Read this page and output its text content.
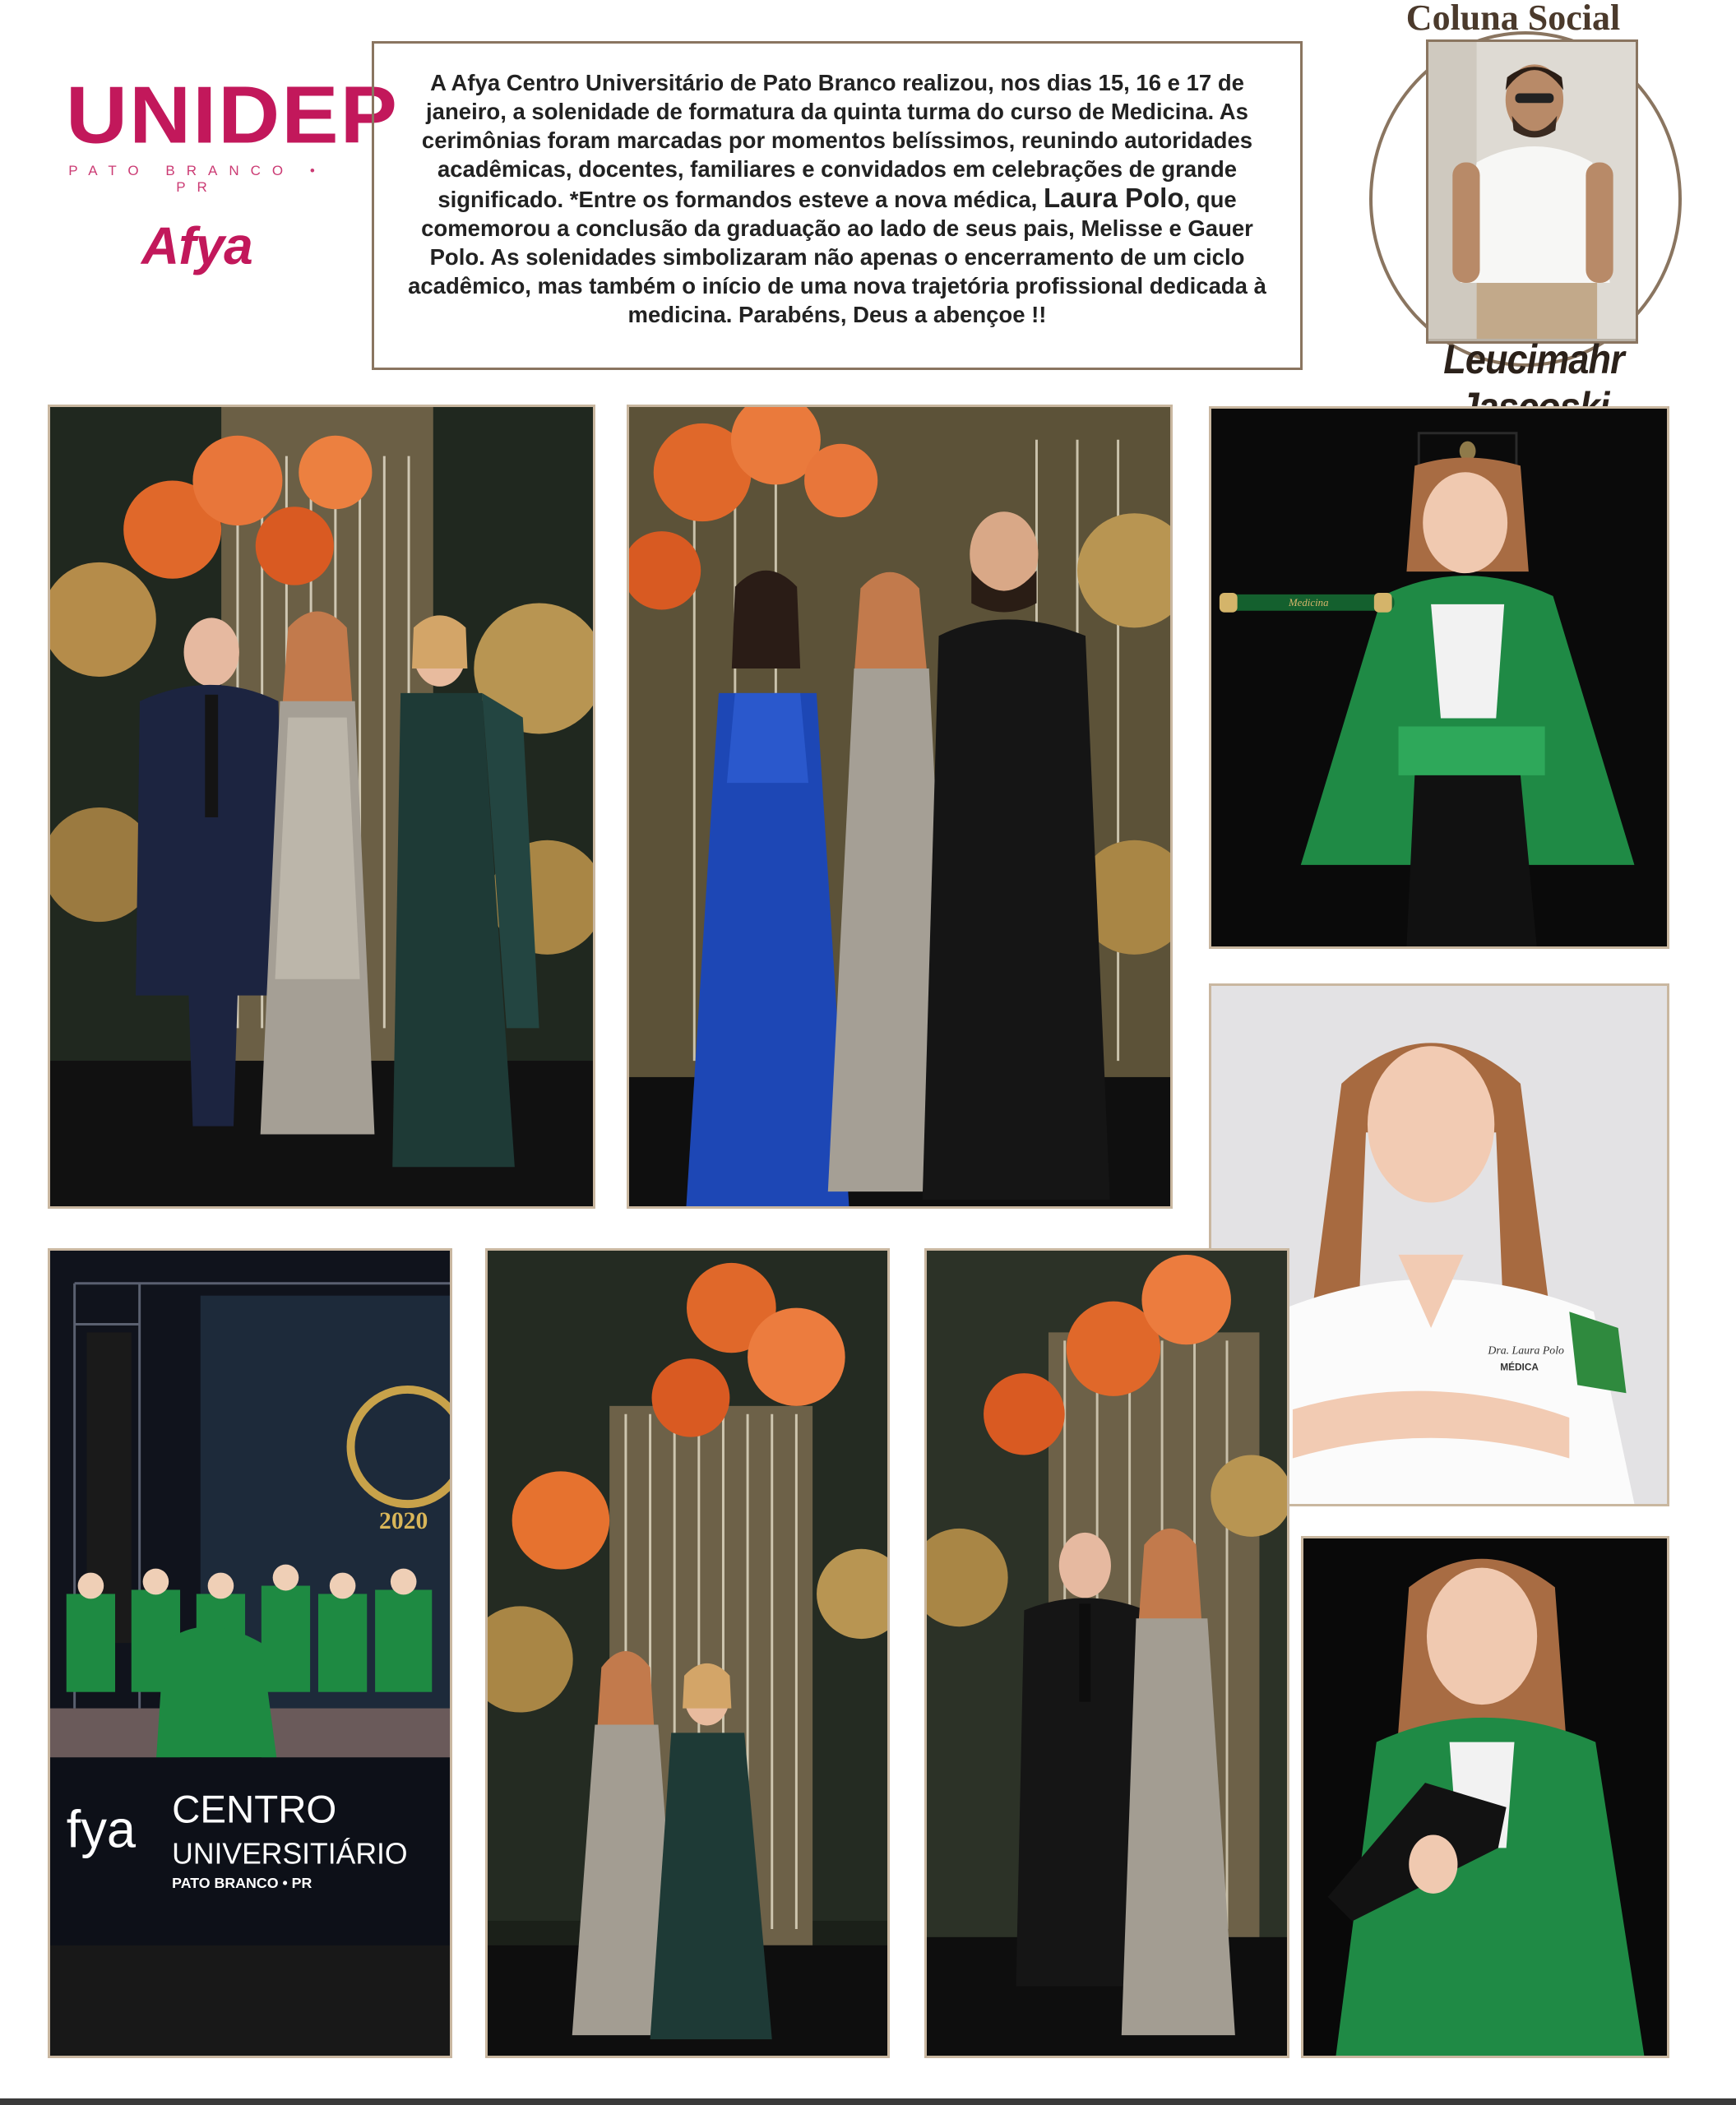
UNIDEP
PATO BRANCO • PR
Afya
A Afya Centro Universitário de Pato Branco realizou, nos dias 15, 16 e 17 de janeiro, a solenidade de formatura da quinta turma do curso de Medicina. As cerimônias foram marcadas por momentos belíssimos, reunindo autoridades acadêmicas, docentes, familiares e convidados em celebrações de grande significado. *Entre os formandos esteve a nova médica, Laura Polo, que comemorou a conclusão da graduação ao lado de seus pais, Melisse e Gauer Polo. As solenidades simbolizaram não apenas o encerramento de um ciclo acadêmico, mas também o início de uma nova trajetória profissional dedicada à medicina. Parabéns, Deus a abençoe !!
Coluna Social
Leucimahr
Medicina
Dra. Laura Polo
MÉDICA
2020
fya CENTRO
UNIVERSITIÁRIO
PATO BRANCO • PR
